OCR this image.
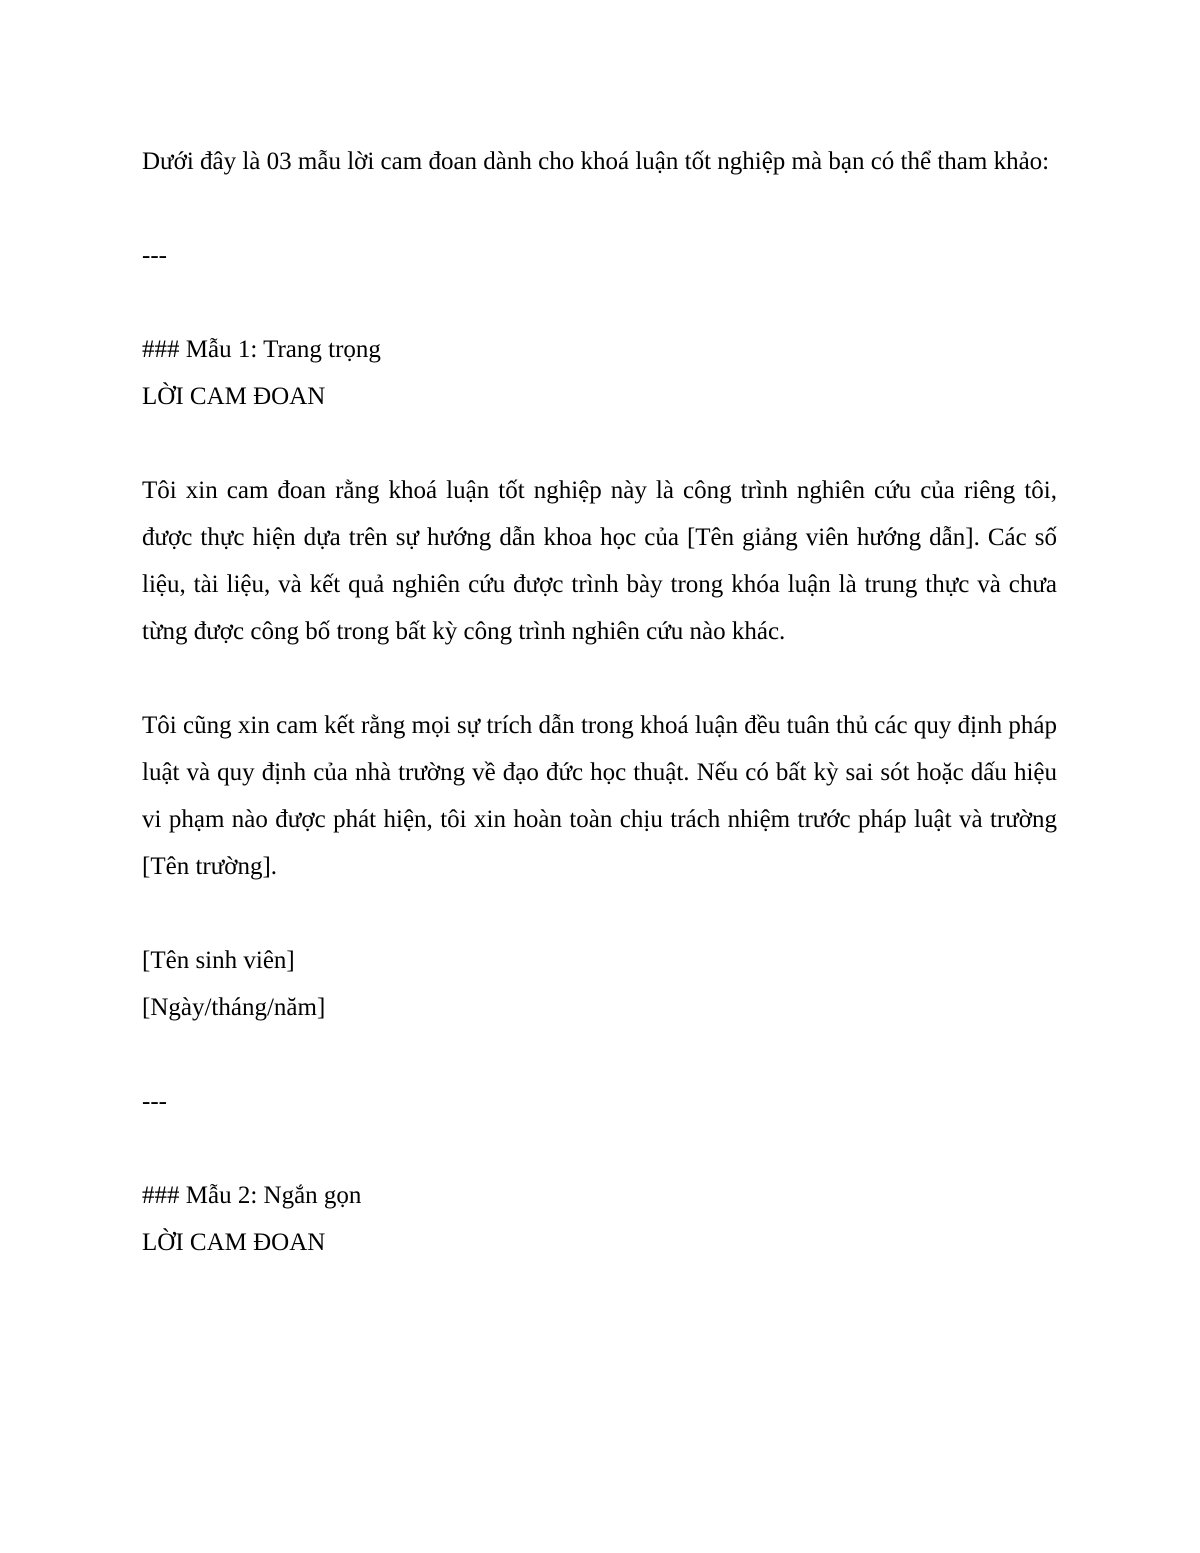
Dưới đây là 03 mẫu lời cam đoan dành cho khoá luận tốt nghiệp mà bạn có thể tham khảo:

---

### Mẫu 1: Trang trọng

LỜI CAM ĐOAN

Tôi xin cam đoan rằng khoá luận tốt nghiệp này là công trình nghiên cứu của riêng tôi, được thực hiện dựa trên sự hướng dẫn khoa học của [Tên giảng viên hướng dẫn]. Các số liệu, tài liệu, và kết quả nghiên cứu được trình bày trong khóa luận là trung thực và chưa từng được công bố trong bất kỳ công trình nghiên cứu nào khác.

Tôi cũng xin cam kết rằng mọi sự trích dẫn trong khoá luận đều tuân thủ các quy định pháp luật và quy định của nhà trường về đạo đức học thuật. Nếu có bất kỳ sai sót hoặc dấu hiệu vi phạm nào được phát hiện, tôi xin hoàn toàn chịu trách nhiệm trước pháp luật và trường [Tên trường].

[Tên sinh viên]

[Ngày/tháng/năm]

---

### Mẫu 2: Ngắn gọn

LỜI CAM ĐOAN
